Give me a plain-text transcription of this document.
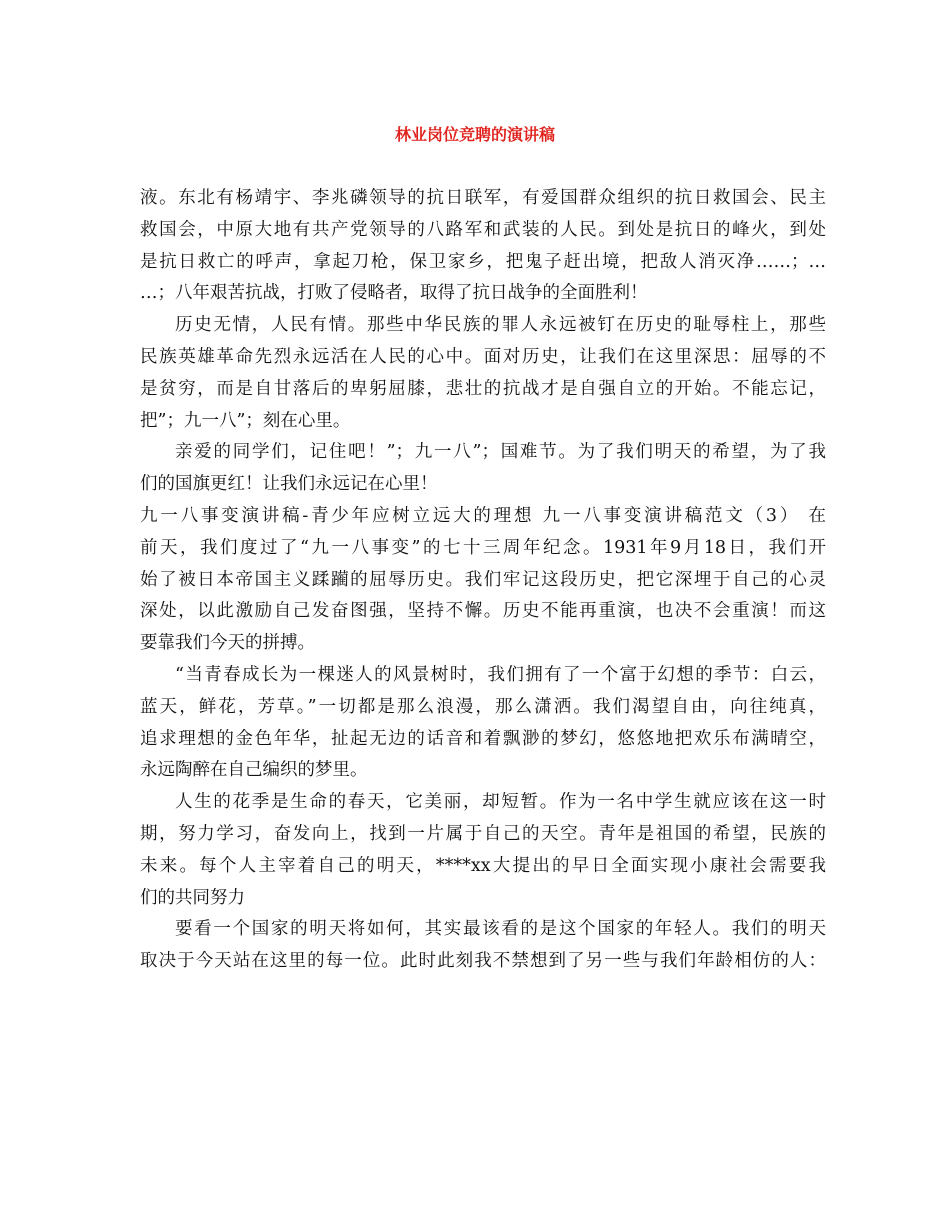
林业岗位竞聘的演讲稿
液。东北有杨靖宇、李兆磷领导的抗日联军，有爱国群众组织的抗日救国会、民主
救国会，中原大地有共产党领导的八路军和武装的人民。到处是抗日的峰火，到处
是抗日救亡的呼声，拿起刀枪，保卫家乡，把鬼子赶出境，把敌人消灭净……；…
…；八年艰苦抗战，打败了侵略者，取得了抗日战争的全面胜利！
历史无情，人民有情。那些中华民族的罪人永远被钉在历史的耻辱柱上，那些
民族英雄革命先烈永远活在人民的心中。面对历史，让我们在这里深思：屈辱的不
是贫穷，而是自甘落后的卑躬屈膝，悲壮的抗战才是自强自立的开始。不能忘记，
把”；九一八”；刻在心里。
亲爱的同学们，记住吧！”；九一八”；国难节。为了我们明天的希望，为了我
们的国旗更红！让我们永远记在心里！
九一八事变演讲稿-青少年应树立远大的理想 九一八事变演讲稿范文（3） 在
前天，我们度过了“九一八事变”的七十三周年纪念。1931年9月18日，我们开
始了被日本帝国主义蹂躏的屈辱历史。我们牢记这段历史，把它深埋于自己的心灵
深处，以此激励自己发奋图强，坚持不懈。历史不能再重演，也决不会重演！而这
要靠我们今天的拼搏。
“当青春成长为一棵迷人的风景树时，我们拥有了一个富于幻想的季节：白云，
蓝天，鲜花，芳草。”一切都是那么浪漫，那么潇洒。我们渴望自由，向往纯真，
追求理想的金色年华，扯起无边的话音和着飘渺的梦幻，悠悠地把欢乐布满晴空，
永远陶醉在自己编织的梦里。
人生的花季是生命的春天，它美丽，却短暂。作为一名中学生就应该在这一时
期，努力学习，奋发向上，找到一片属于自己的天空。青年是祖国的希望，民族的
未来。每个人主宰着自己的明天，****xx大提出的早日全面实现小康社会需要我
们的共同努力
要看一个国家的明天将如何，其实最该看的是这个国家的年轻人。我们的明天
取决于今天站在这里的每一位。此时此刻我不禁想到了另一些与我们年龄相仿的人：
